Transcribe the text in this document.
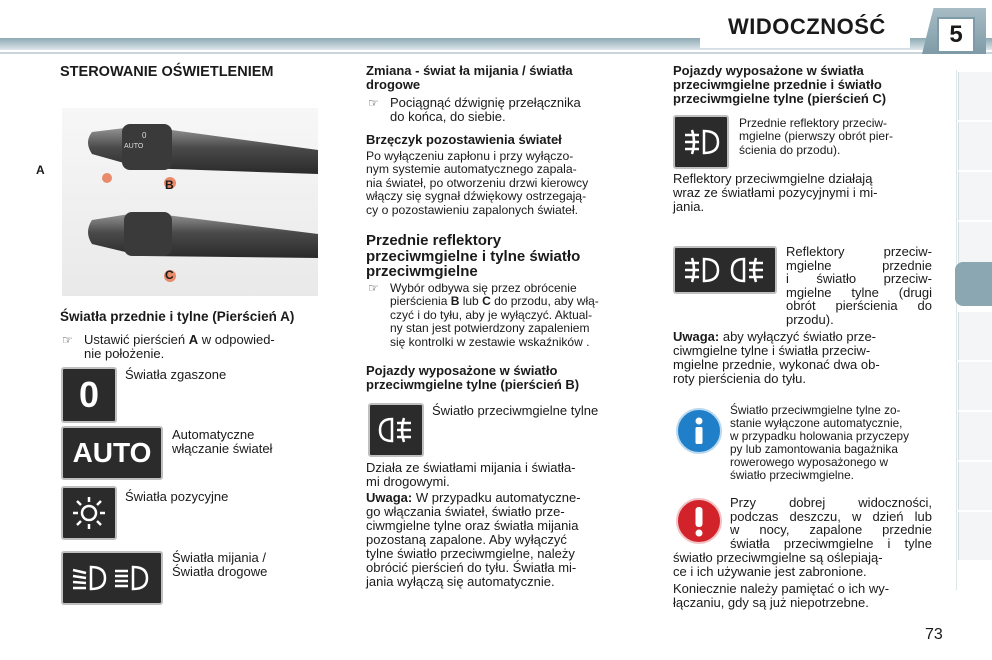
WIDOCZNOŚĆ	5
STEROWANIE OŚWIETLENIEM
0
AUTO
A
B
C
Światła przednie i tylne (Pierścień A)
☞ Ustawić pierścień A w odpowied-
nie położenie.
0	Światła zgaszone
AUTO
Automatyczne
włączanie świateł
Światła pozycyjne
Światła mijania /
Światła drogowe
Zmiana - świat ła mijania / światła
drogowe
☞ Pociągnąć dźwignię przełącznika
do końca, do siebie.
Brzęczyk pozostawienia świateł
Po wyłączeniu zapłonu i przy wyłączo-
nym systemie automatycznego zapala-
nia świateł, po otworzeniu drzwi kierowcy
włączy się sygnał dźwiękowy ostrzegają-
cy o pozostawieniu zapalonych świateł.
Przednie reflektory
przeciwmgielne i tylne światło
przeciwmgielne
☞ Wybór odbywa się przez obrócenie
pierścienia B lub C do przodu, aby włą-
czyć i do tyłu, aby je wyłączyć. Aktual-
ny stan jest potwierdzony zapaleniem
się kontrolki w zestawie wskaźników .
Pojazdy wyposażone w światło
przeciwmgielne tylne (pierścień B)
Światło przeciwmgielne tylne
Działa ze światłami mijania i światła-
mi drogowymi.
Uwaga: W przypadku automatyczne-
go włączania świateł, światło prze-
ciwmgielne tylne oraz światła mijania
pozostaną zapalone. Aby wyłączyć
tylne światło przeciwmgielne, należy
obrócić pierścień do tyłu. Światła mi-
jania wyłączą się automatycznie.
Pojazdy wyposażone w światła
przeciwmgielne przednie i światło
przeciwmgielne tylne (pierścień C)
Przednie reflektory przeciw-
mgielne (pierwszy obrót pier-
ścienia do przodu).
Reflektory przeciwmgielne działają
wraz ze światłami pozycyjnymi i mi-
jania.
Reflektory przeciw-
mgielne przednie
i światło przeciw-
mgielne tylne (drugi
obrót pierścienia do
przodu).
Uwaga: aby wyłączyć światło prze-
ciwmgielne tylne i światła przeciw-
mgielne przednie, wykonać dwa ob-
roty pierścienia do tyłu.
Światło przeciwmgielne tylne zo-
stanie wyłączone automatycznie,
w przypadku holowania przyczepy
py lub zamontowania bagażnika
rowerowego wyposażonego w
światło przeciwmgielne.
Przy dobrej widoczności,
podczas deszczu, w dzień lub
w nocy, zapalone przednie
światła przeciwmgielne i tylne
światło przeciwmgielne są oślepiają-
ce i ich używanie jest zabronione.
Koniecznie należy pamiętać o ich wy-
łączaniu, gdy są już niepotrzebne.
73
